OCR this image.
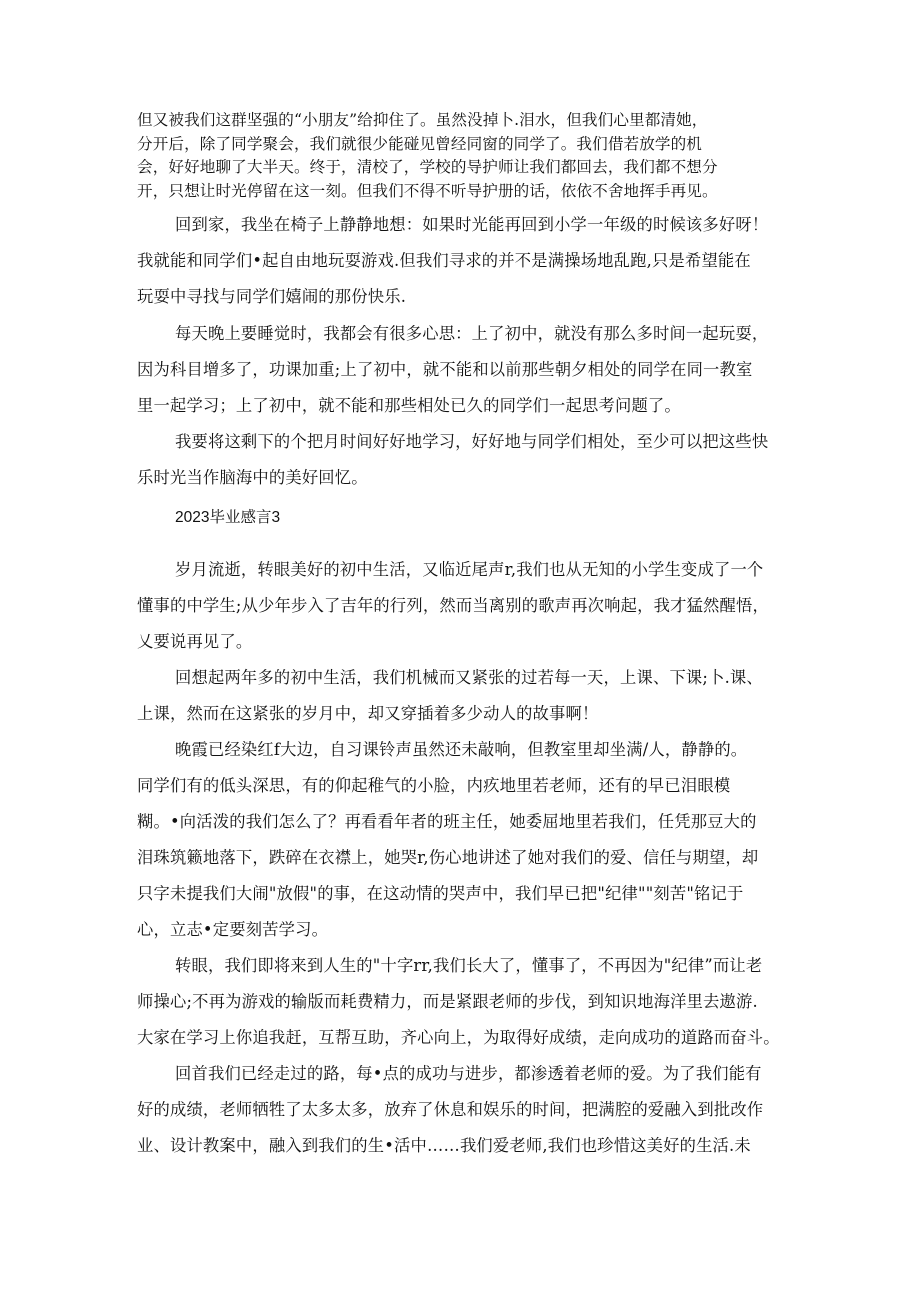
但又被我们这群坚强的“小朋友”给抑住了。虽然没掉卜.泪水，但我们心里都清她，

分开后，除了同学聚会，我们就很少能碰见曾经同窗的同学了。我们借若放学的机

会，好好地聊了大半天。终于，清校了，学校的导护师让我们都回去，我们都不想分

开，只想让时光停留在这一刻。但我们不得不听导护册的话，依依不舍地挥手再见。

回到家，我坐在椅子上静静地想：如果时光能再回到小学一年级的时候该多好呀！

我就能和同学们•起自由地玩耍游戏.但我们寻求的并不是满操场地乱跑,只是希望能在

玩耍中寻找与同学们嬉闹的那份快乐.

每天晚上要睡觉时，我都会有很多心思：上了初中，就没有那么多时间一起玩耍，

因为科目增多了，功课加重;上了初中，就不能和以前那些朝夕相处的同学在同一教室

里一起学习；上了初中，就不能和那些相处已久的同学们一起思考问题了。

我要将这剩下的个把月时间好好地学习，好好地与同学们相处，至少可以把这些快

乐时光当作脑海中的美好回忆。

2023毕业感言3

岁月流逝，转眼美好的初中生活，又临近尾声r,我们也从无知的小学生变成了一个

懂事的中学生;从少年步入了吉年的行列，然而当离别的歌声再次响起，我才猛然醒悟，

乂要说再见了。

回想起两年多的初中生活，我们机械而又紧张的过若每一天，上课、下课;卜.课、

上课，然而在这紧张的岁月中，却又穿插着多少动人的故事啊！

晚霞已经染红f大边，自习课铃声虽然还未敲响，但教室里却坐满/人，静静的。

同学们有的低头深思，有的仰起稚气的小脸，内疚地里若老师，还有的早已泪眼模

糊。•向活泼的我们怎么了？再看看年者的班主任，她委屈地里若我们，任凭那豆大的

泪珠筑籁地落下，跌碎在衣襟上，她哭r,伤心地讲述了她对我们的爱、信任与期望，却

只字未提我们大闹"放假"的事，在这动情的哭声中，我们早已把"纪律""刻苦"铭记于

心，立志•定要刻苦学习。

转眼，我们即将来到人生的"十字rr,我们长大了，懂事了，不再因为"纪律”而让老

师操心;不再为游戏的输版而耗费精力，而是紧跟老师的步伐，到知识地海洋里去遨游.

大家在学习上你追我赶，互帮互助，齐心向上，为取得好成绩，走向成功的道路而奋斗。

回首我们已经走过的路，每•点的成功与进步，都渗透着老师的爱。为了我们能有

好的成绩，老师牺牲了太多太多，放弃了休息和娱乐的时间，把满腔的爱融入到批改作

业、设计教案中，融入到我们的生•活中……我们爱老师,我们也珍惜这美好的生活.未
